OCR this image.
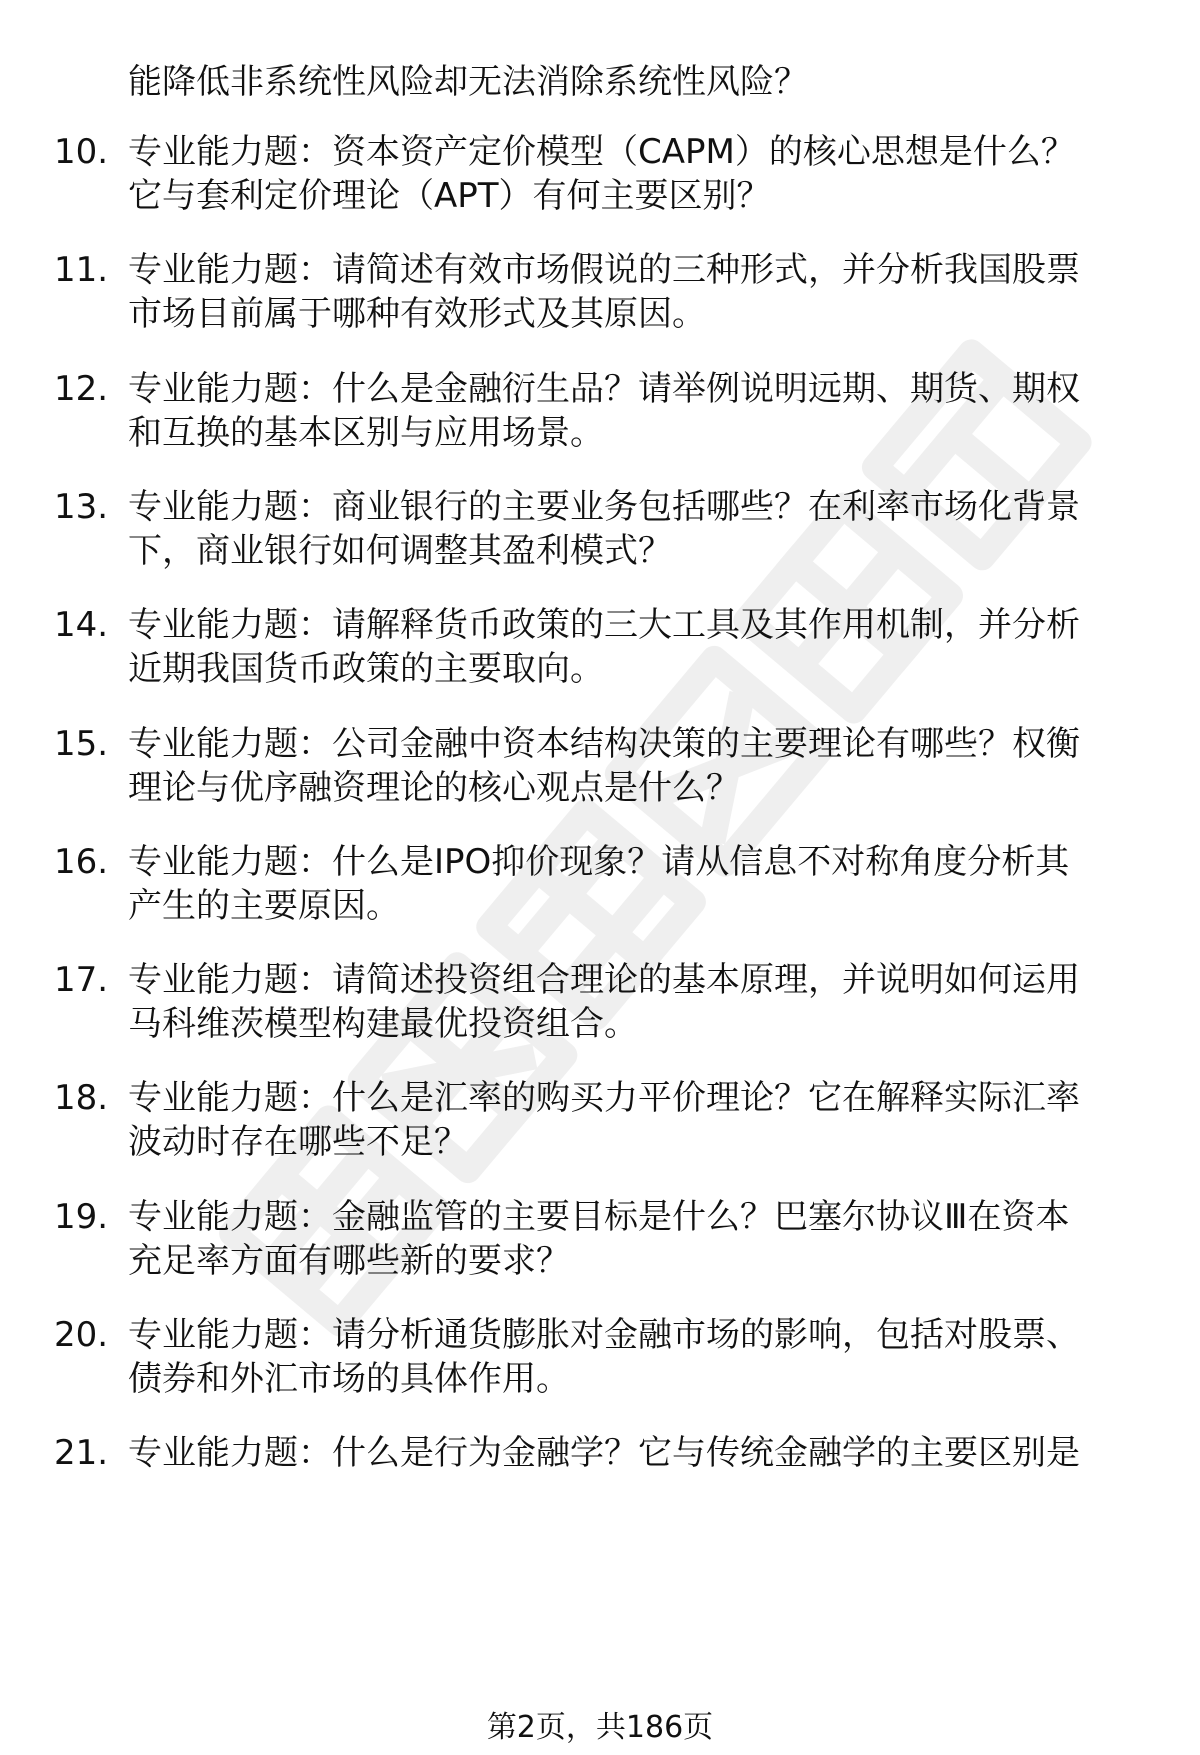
能降低非系统性风险却无法消除系统性风险？
10. 专业能力题：资本资产定价模型（CAPM）的核心思想是什么？
它与套利定价理论（APT）有何主要区别？
11. 专业能力题：请简述有效市场假说的三种形式，并分析我国股票
市场目前属于哪种有效形式及其原因。
12. 专业能力题：什么是金融衍生品？请举例说明远期、期货、期权
和互换的基本区别与应用场景。
13. 专业能力题：商业银行的主要业务包括哪些？在利率市场化背景
下，商业银行如何调整其盈利模式？
14. 专业能力题：请解释货币政策的三大工具及其作用机制，并分析
近期我国货币政策的主要取向。
15. 专业能力题：公司金融中资本结构决策的主要理论有哪些？权衡
理论与优序融资理论的核心观点是什么？
16. 专业能力题：什么是IPO抑价现象？请从信息不对称角度分析其
产生的主要原因。
17. 专业能力题：请简述投资组合理论的基本原理，并说明如何运用
马科维茨模型构建最优投资组合。
18. 专业能力题：什么是汇率的购买力平价理论？它在解释实际汇率
波动时存在哪些不足？
19. 专业能力题：金融监管的主要目标是什么？巴塞尔协议Ⅲ在资本
充足率方面有哪些新的要求？
20. 专业能力题：请分析通货膨胀对金融市场的影响，包括对股票、
债券和外汇市场的具体作用。
21. 专业能力题：什么是行为金融学？它与传统金融学的主要区别是
第2页，共186页
